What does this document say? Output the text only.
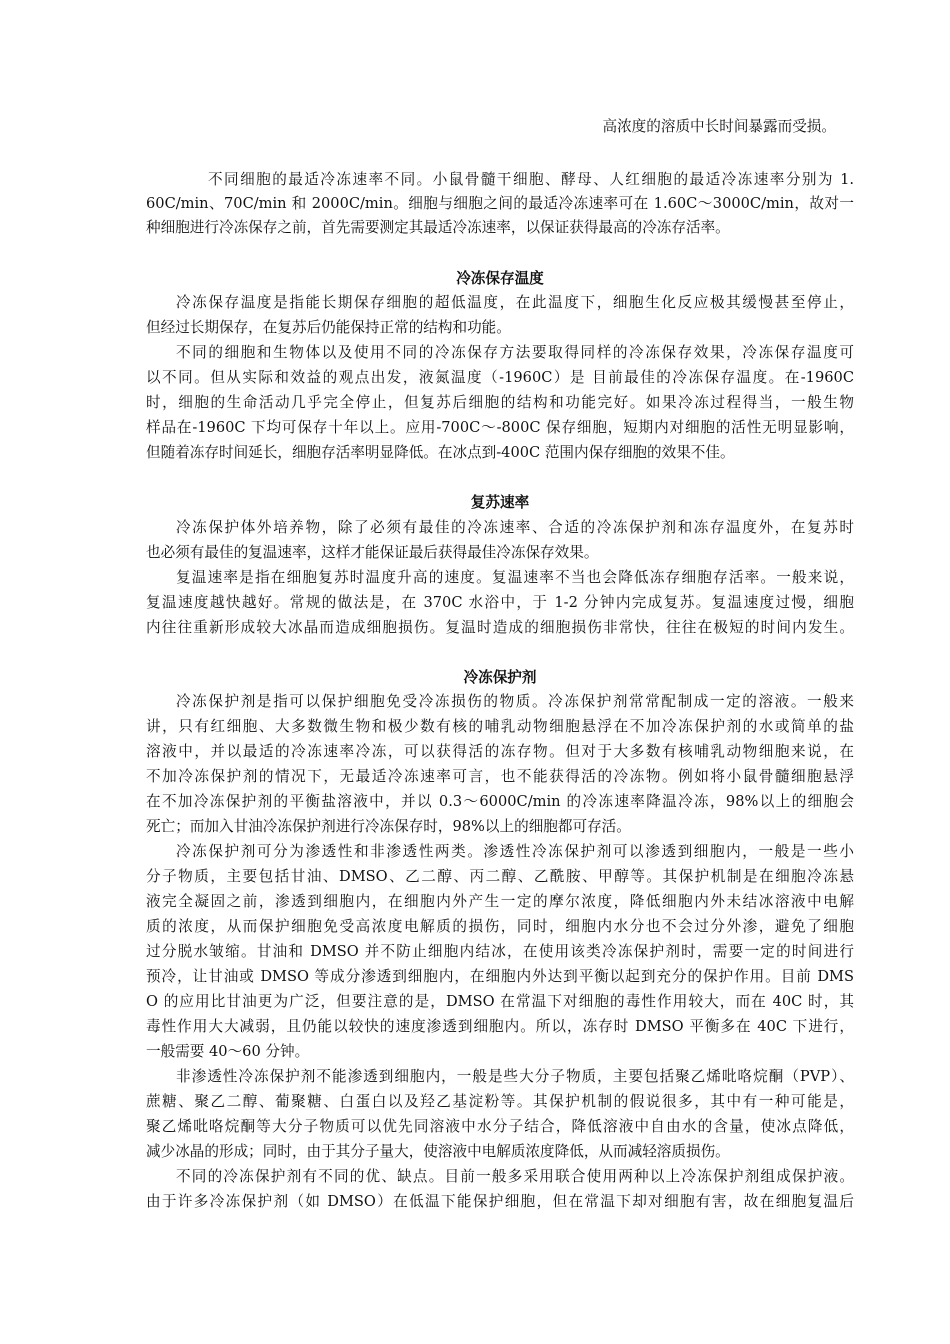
高浓度的溶质中长时间暴露而受损。
不同细胞的最适冷冻速率不同。小鼠骨髓干细胞、酵母、人红细胞的最适冷冻速率分别为 1.
60C/min、70C/min 和 2000C/min。细胞与细胞之间的最适冷冻速率可在 1.60C～3000C/min，故对一
种细胞进行冷冻保存之前，首先需要测定其最适冷冻速率，以保证获得最高的冷冻存活率。
冷冻保存温度
冷冻保存温度是指能长期保存细胞的超低温度，在此温度下，细胞生化反应极其缓慢甚至停止，
但经过长期保存，在复苏后仍能保持正常的结构和功能。
不同的细胞和生物体以及使用不同的冷冻保存方法要取得同样的冷冻保存效果，冷冻保存温度可
以不同。但从实际和效益的观点出发，液氮温度（-1960C）是 目前最佳的冷冻保存温度。在-1960C
时，细胞的生命活动几乎完全停止，但复苏后细胞的结构和功能完好。如果冷冻过程得当，一般生物
样品在-1960C 下均可保存十年以上。应用-700C～-800C 保存细胞，短期内对细胞的活性无明显影响，
但随着冻存时间延长，细胞存活率明显降低。在冰点到-400C 范围内保存细胞的效果不佳。
复苏速率
冷冻保护体外培养物，除了必须有最佳的冷冻速率、合适的冷冻保护剂和冻存温度外，在复苏时
也必须有最佳的复温速率，这样才能保证最后获得最佳冷冻保存效果。
复温速率是指在细胞复苏时温度升高的速度。复温速率不当也会降低冻存细胞存活率。一般来说，
复温速度越快越好。常规的做法是，在 370C 水浴中，于 1-2 分钟内完成复苏。复温速度过慢，细胞
内往往重新形成较大冰晶而造成细胞损伤。复温时造成的细胞损伤非常快，往往在极短的时间内发生。
冷冻保护剂
冷冻保护剂是指可以保护细胞免受冷冻损伤的物质。冷冻保护剂常常配制成一定的溶液。一般来
讲，只有红细胞、大多数微生物和极少数有核的哺乳动物细胞悬浮在不加冷冻保护剂的水或简单的盐
溶液中，并以最适的冷冻速率冷冻，可以获得活的冻存物。但对于大多数有核哺乳动物细胞来说，在
不加冷冻保护剂的情况下，无最适冷冻速率可言，也不能获得活的冷冻物。例如将小鼠骨髓细胞悬浮
在不加冷冻保护剂的平衡盐溶液中，并以 0.3～6000C/min 的冷冻速率降温冷冻，98%以上的细胞会
死亡；而加入甘油冷冻保护剂进行冷冻保存时，98%以上的细胞都可存活。
冷冻保护剂可分为渗透性和非渗透性两类。渗透性冷冻保护剂可以渗透到细胞内，一般是一些小
分子物质，主要包括甘油、DMSO、乙二醇、丙二醇、乙酰胺、甲醇等。其保护机制是在细胞冷冻悬
液完全凝固之前，渗透到细胞内，在细胞内外产生一定的摩尔浓度，降低细胞内外未结冰溶液中电解
质的浓度，从而保护细胞免受高浓度电解质的损伤，同时，细胞内水分也不会过分外渗，避免了细胞
过分脱水皱缩。甘油和 DMSO 并不防止细胞内结冰，在使用该类冷冻保护剂时，需要一定的时间进行
预冷，让甘油或 DMSO 等成分渗透到细胞内，在细胞内外达到平衡以起到充分的保护作用。目前 DMS
O 的应用比甘油更为广泛，但要注意的是，DMSO 在常温下对细胞的毒性作用较大，而在 40C 时，其
毒性作用大大减弱，且仍能以较快的速度渗透到细胞内。所以，冻存时 DMSO 平衡多在 40C 下进行，
一般需要 40～60 分钟。
非渗透性冷冻保护剂不能渗透到细胞内，一般是些大分子物质，主要包括聚乙烯吡咯烷酮（PVP）、
蔗糖、聚乙二醇、葡聚糖、白蛋白以及羟乙基淀粉等。其保护机制的假说很多，其中有一种可能是，
聚乙烯吡咯烷酮等大分子物质可以优先同溶液中水分子结合，降低溶液中自由水的含量，使冰点降低，
减少冰晶的形成；同时，由于其分子量大，使溶液中电解质浓度降低，从而减轻溶质损伤。
不同的冷冻保护剂有不同的优、缺点。目前一般多采用联合使用两种以上冷冻保护剂组成保护液。
由于许多冷冻保护剂（如 DMSO）在低温下能保护细胞，但在常温下却对细胞有害，故在细胞复温后
